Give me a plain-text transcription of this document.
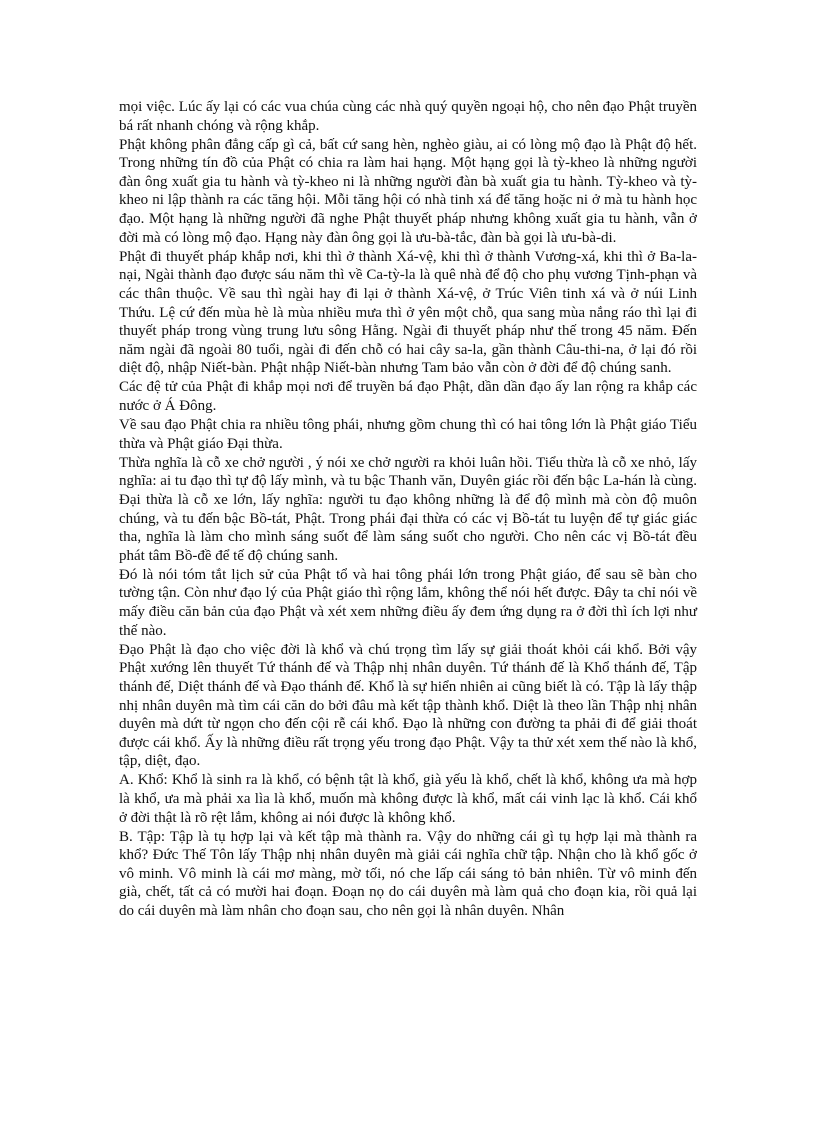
mọi việc. Lúc ấy lại có các vua chúa cùng các nhà quý quyền ngoại hộ, cho nên đạo Phật truyền bá rất nhanh chóng và rộng khắp.

Phật không phân đẳng cấp gì cả, bất cứ sang hèn, nghèo giàu, ai có lòng mộ đạo là Phật độ hết. Trong những tín đồ của Phật có chia ra làm hai hạng. Một hạng gọi là tỳ-kheo là những người đàn ông xuất gia tu hành và tỳ-kheo ni là những người đàn bà xuất gia tu hành. Tỳ-kheo và tỳ-kheo ni lập thành ra các tăng hội. Mỗi tăng hội có nhà tinh xá để tăng hoặc ni ở mà tu hành học đạo. Một hạng là những người đã nghe Phật thuyết pháp nhưng không xuất gia tu hành, vẫn ở đời mà có lòng mộ đạo. Hạng này đàn ông gọi là ưu-bà-tắc, đàn bà gọi là ưu-bà-di.

Phật đi thuyết pháp khắp nơi, khi thì ở thành Xá-vệ, khi thì ở thành Vương-xá, khi thì ở Ba-la-nại, Ngài thành đạo được sáu năm thì về Ca-tỳ-la là quê nhà để độ cho phụ vương Tịnh-phạn và các thân thuộc. Về sau thì ngài hay đi lại ở thành Xá-vệ, ở Trúc Viên tinh xá và ở núi Linh Thứu. Lệ cứ đến mùa hè là mùa nhiều mưa thì ở yên một chỗ, qua sang mùa nắng ráo thì lại đi thuyết pháp trong vùng trung lưu sông Hằng. Ngài đi thuyết pháp như thế trong 45 năm. Đến năm ngài đã ngoài 80 tuổi, ngài đi đến chỗ có hai cây sa-la, gần thành Câu-thi-na, ở lại đó rồi diệt độ, nhập Niết-bàn. Phật nhập Niết-bàn nhưng Tam bảo vẫn còn ở đời để độ chúng sanh.

Các đệ tử của Phật đi khắp mọi nơi để truyền bá đạo Phật, dần dần đạo ấy lan rộng ra khắp các nước ở Á Đông.

Về sau đạo Phật chia ra nhiều tông phái, nhưng gồm chung thì có hai tông lớn là Phật giáo Tiểu thừa và Phật giáo Đại thừa.

Thừa nghĩa là cỗ xe chở người , ý nói xe chở người ra khỏi luân hồi. Tiểu thừa là cỗ xe nhỏ, lấy nghĩa: ai tu đạo thì tự độ lấy mình, và tu bậc Thanh văn, Duyên giác rồi đến bậc La-hán là cùng. Đại thừa là cỗ xe lớn, lấy nghĩa: người tu đạo không những là để độ mình mà còn độ muôn chúng, và tu đến bậc Bồ-tát, Phật. Trong phái đại thừa có các vị Bồ-tát tu luyện để tự giác giác tha, nghĩa là làm cho mình sáng suốt để làm sáng suốt cho người. Cho nên các vị Bồ-tát đều phát tâm Bồ-đề để tế độ chúng sanh.

Đó là nói tóm tắt lịch sử của Phật tổ và hai tông phái lớn trong Phật giáo, để sau sẽ bàn cho tường tận. Còn như đạo lý của Phật giáo thì rộng lắm, không thể nói hết được. Đây ta chỉ nói về mấy điều căn bản của đạo Phật và xét xem những điều ấy đem ứng dụng ra ở đời thì ích lợi như thế nào.

Đạo Phật là đạo cho việc đời là khổ và chú trọng tìm lấy sự giải thoát khỏi cái khổ. Bởi vậy Phật xướng lên thuyết Tứ thánh đế và Thập nhị nhân duyên. Tứ thánh đế là Khổ thánh đế, Tập thánh đế, Diệt thánh đế và Đạo thánh đế. Khổ là sự hiển nhiên ai cũng biết là có. Tập là lấy thập nhị nhân duyên mà tìm cái căn do bởi đâu mà kết tập thành khổ. Diệt là theo lần Thập nhị nhân duyên mà dứt từ ngọn cho đến cội rễ cái khổ. Đạo là những con đường ta phải đi để giải thoát được cái khổ. Ấy là những điều rất trọng yếu trong đạo Phật. Vậy ta thử xét xem thế nào là khổ, tập, diệt, đạo.

A. Khổ: Khổ là sinh ra là khổ, có bệnh tật là khổ, già yếu là khổ, chết là khổ, không ưa mà hợp là khổ, ưa mà phải xa lìa là khổ, muốn mà không được là khổ, mất cái vinh lạc là khổ. Cái khổ ở đời thật là rõ rệt lắm, không ai nói được là không khổ.

B. Tập: Tập là tụ hợp lại và kết tập mà thành ra. Vậy do những cái gì tụ hợp lại mà thành ra khổ? Đức Thế Tôn lấy Thập nhị nhân duyên mà giải cái nghĩa chữ tập. Nhận cho là khổ gốc ở vô minh. Vô minh là cái mơ màng, mờ tối, nó che lấp cái sáng tỏ bản nhiên. Từ vô minh đến già, chết, tất cả có mười hai đoạn. Đoạn nọ do cái duyên mà làm quả cho đoạn kia, rồi quả lại do cái duyên mà làm nhân cho đoạn sau, cho nên gọi là nhân duyên. Nhân
